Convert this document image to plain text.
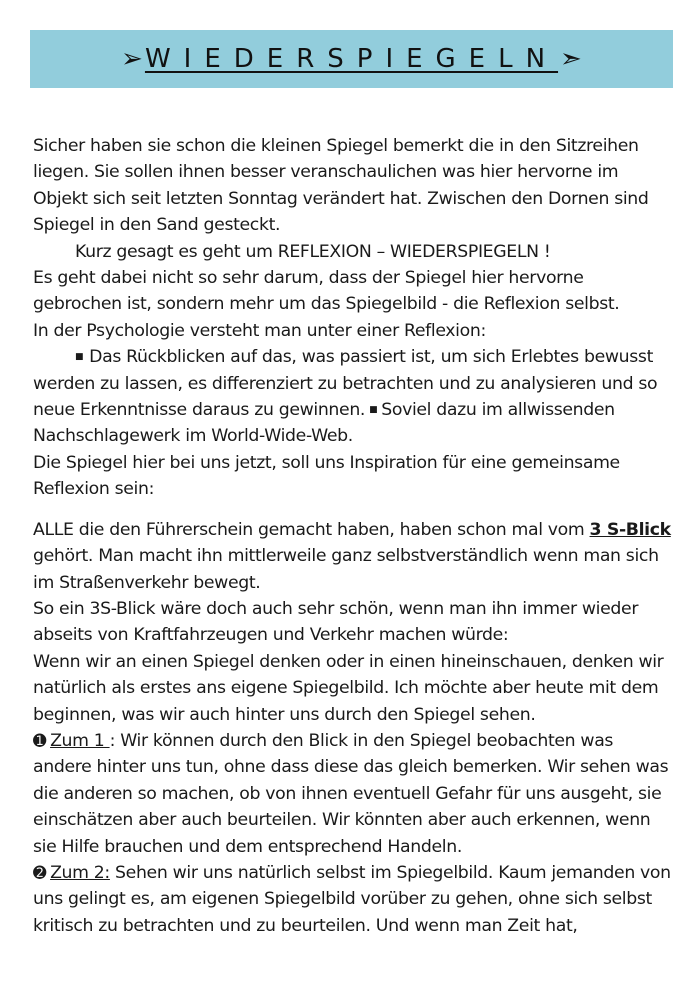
➢ WIEDERSPIEGELN ➣

Sicher haben sie schon die kleinen Spiegel bemerkt die in den Sitzreihen liegen. Sie sollen ihnen besser veranschaulichen was hier hervorne im Objekt sich seit letzten Sonntag verändert hat. Zwischen den Dornen sind Spiegel in den Sand gesteckt.

Kurz gesagt es geht um REFLEXION – WIEDERSPIEGELN !

Es geht dabei nicht so sehr darum, dass der Spiegel hier hervorne gebrochen ist, sondern mehr um das Spiegelbild - die Reflexion selbst.

In der Psychologie versteht man unter einer Reflexion:

■ Das Rückblicken auf das, was passiert ist, um sich Erlebtes bewusst werden zu lassen, es differenziert zu betrachten und zu analysieren und so neue Erkenntnisse daraus zu gewinnen. ■ Soviel dazu im allwissenden Nachschlagewerk im World-Wide-Web.

Die Spiegel hier bei uns jetzt, soll uns Inspiration für eine gemeinsame Reflexion sein:

ALLE die den Führerschein gemacht haben, haben schon mal vom 3 S-Blick gehört. Man macht ihn mittlerweile ganz selbstverständlich wenn man sich im Straßenverkehr bewegt.

So ein 3S-Blick wäre doch auch sehr schön, wenn man ihn immer wieder abseits von Kraftfahrzeugen und Verkehr machen würde:

Wenn wir an einen Spiegel denken oder in einen hineinschauen, denken wir natürlich als erstes ans eigene Spiegelbild. Ich möchte aber heute mit dem beginnen, was wir auch hinter uns durch den Spiegel sehen.

➊ Zum 1 : Wir können durch den Blick in den Spiegel beobachten was andere hinter uns tun, ohne dass diese das gleich bemerken. Wir sehen was die anderen so machen, ob von ihnen eventuell Gefahr für uns ausgeht, sie einschätzen aber auch beurteilen. Wir könnten aber auch erkennen, wenn sie Hilfe brauchen und dem entsprechend Handeln.

➋ Zum 2: Sehen wir uns natürlich selbst im Spiegelbild. Kaum jemanden von uns gelingt es, am eigenen Spiegelbild vorüber zu gehen, ohne sich selbst kritisch zu betrachten und zu beurteilen. Und wenn man Zeit hat,
